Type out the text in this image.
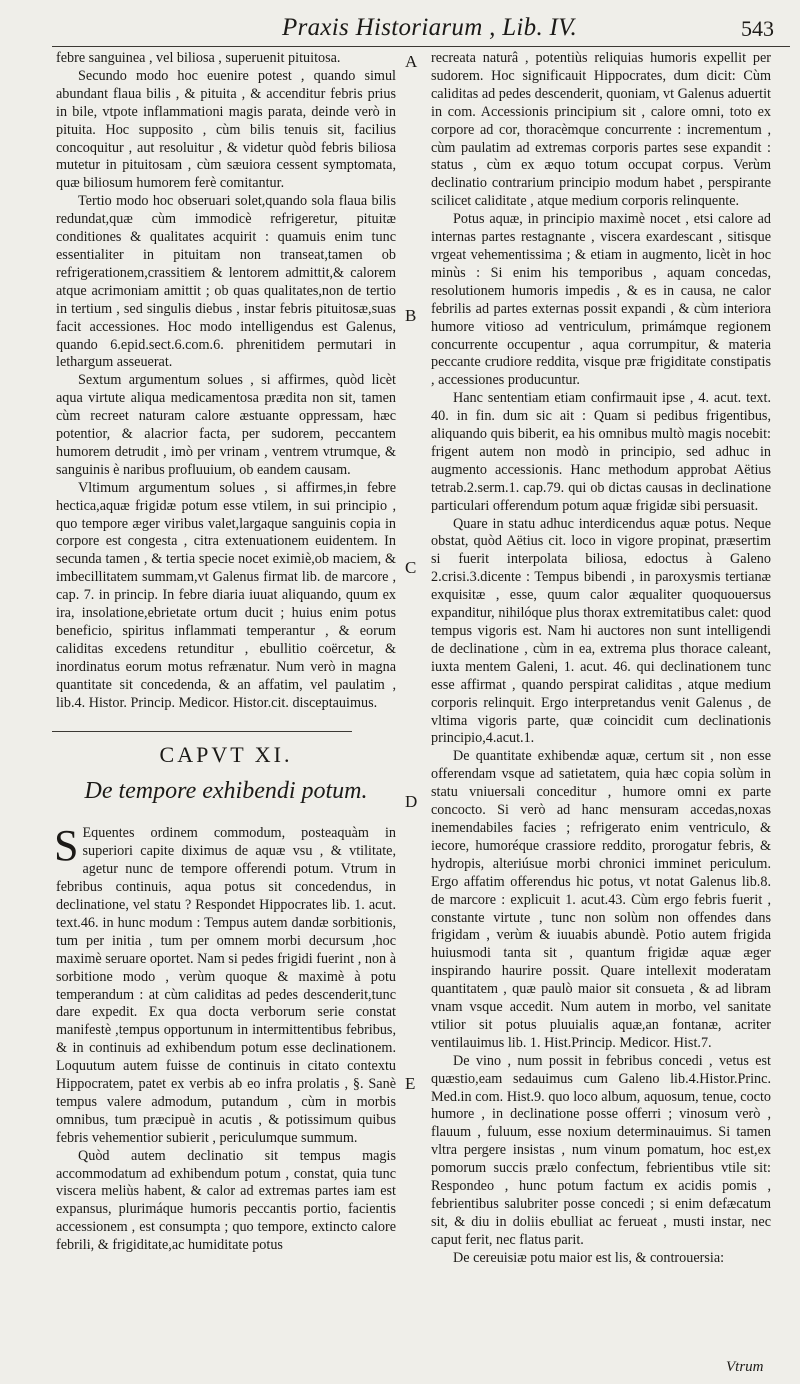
Praxis Historiarum , Lib. IV.	543

febre sanguinea , vel biliosa , superuenit pituitosa.

Secundo modo hoc euenire potest , quando simul abundant flaua bilis , & pituita , & accenditur febris prius in bile, vtpote inflammationi magis parata, deinde verò in pituita. Hoc supposito , cùm bilis tenuis sit, facilius concoquitur , aut resoluitur , & videtur quòd febris biliosa mutetur in pituitosam , cùm sæuiora cessent symptomata, quæ biliosum humorem ferè comitantur.

Tertio modo hoc obseruari solet,quando sola flaua bilis redundat,quæ cùm immodicè refrigeretur, pituitæ conditiones & qualitates acquirit : quamuis enim tunc essentialiter in pituitam non transeat,tamen ob refrigerationem,crassitiem & lentorem admittit,& calorem atque acrimoniam amittit ; ob quas qualitates,non de tertio in tertium , sed singulis diebus , instar febris pituitosæ,suas facit accessiones. Hoc modo intelligendus est Galenus, quando 6.epid.sect.6.com.6. phrenitidem permutari in lethargum asseuerat.

Sextum argumentum solues , si affirmes, quòd licèt aqua virtute aliqua medicamentosa prædita non sit, tamen cùm recreet naturam calore æstuante oppressam, hæc potentior, & alacrior facta, per sudorem, peccantem humorem detrudit , imò per vrinam , ventrem vtrumque, & sanguinis è naribus profluuium, ob eandem causam.

Vltimum argumentum solues , si affirmes,in febre hectica,aquæ frigidæ potum esse vtilem, in sui principio , quo tempore æger viribus valet,largaque sanguinis copia in corpore est congesta , citra extenuationem euidentem. In secunda tamen , & tertia specie nocet eximiè,ob maciem, & imbecillitatem summam,vt Galenus firmat lib. de marcore , cap. 7. in princip. In febre diaria iuuat aliquando, quum ex ira, insolatione,ebrietate ortum ducit ; huius enim potus beneficio, spiritus inflammati temperantur , & eorum caliditas excedens retunditur , ebullitio coërcetur, & inordinatus eorum motus refrænatur. Num verò in magna quantitate sit concedenda, & an affatim, vel paulatim , lib.4. Histor. Princip. Medicor. Histor.cit. disceptauimus.

CAPVT XI.
De tempore exhibendi potum.

S Equentes ordinem commodum, posteaquàm in superiori capite diximus de aquæ vsu , & vtilitate, agetur nunc de tempore offerendi potum. Vtrum in febribus continuis, aqua potus sit concedendus, in declinatione, vel statu ? Respondet Hippocrates lib. 1. acut. text.46. in hunc modum : Tempus autem dandæ sorbitionis, tum per initia , tum per omnem morbi decursum ,hoc maximè seruare oportet. Nam si pedes frigidi fuerint , non à sorbitione modo , verùm quoque & maximè à potu temperandum : at cùm caliditas ad pedes descenderit,tunc dare expedit. Ex qua docta verborum serie constat manifestè ,tempus opportunum in intermittentibus febribus, & in continuis ad exhibendum potum esse declinationem. Loquutum autem fuisse de continuis in citato contextu Hippocratem, patet ex verbis ab eo infra prolatis , §. Sanè tempus valere admodum, putandum , cùm in morbis omnibus, tum præcipuè in acutis , & potissimum quibus febris vehementior subierit , periculumque summum.

Quòd autem declinatio sit tempus magis accommodatum ad exhibendum potum , constat, quia tunc viscera meliùs habent, & calor ad extremas partes iam est expansus, plurimáque humoris peccantis portio, facientis accessionem , est consumpta ; quo tempore, extincto calore febrili, & frigiditate,ac humiditate potus

A
B
C
D
E

recreata naturâ , potentiùs reliquias humoris expellit per sudorem. Hoc significauit Hippocrates, dum dicit: Cùm caliditas ad pedes descenderit, quoniam, vt Galenus aduertit in com. Accessionis principium sit , calore omni, toto ex corpore ad cor, thoracèmque concurrente : incrementum , cùm paulatim ad extremas corporis partes sese expandit : status , cùm ex æquo totum occupat corpus. Verùm declinatio contrarium principio modum habet , perspirante scilicet caliditate , atque medium corporis relinquente.

Potus aquæ, in principio maximè nocet , etsi calore ad internas partes restagnante , viscera exardescant , sitisque vrgeat vehementissima ; & etiam in augmento, licèt in hoc minùs : Si enim his temporibus , aquam concedas, resolutionem humoris impedis , & es in causa, ne calor febrilis ad partes externas possit expandi , & cùm interiora humore vitioso ad ventriculum, primámque regionem concurrente occupentur , aqua corrumpitur, & materia peccante crudiore reddita, visque præ frigiditate constipatis , accessiones producuntur.

Hanc sententiam etiam confirmauit ipse , 4. acut. text. 40. in fin. dum sic ait : Quam si pedibus frigentibus, aliquando quis biberit, ea his omnibus multò magis nocebit: frigent autem non modò in principio, sed adhuc in augmento accessionis. Hanc methodum approbat Aëtius tetrab.2.serm.1. cap.79. qui ob dictas causas in declinatione particulari offerendum potum aquæ frigidæ sibi persuasit.

Quare in statu adhuc interdicendus aquæ potus. Neque obstat, quòd Aëtius cit. loco in vigore propinat, præsertim si fuerit interpolata biliosa, edoctus à Galeno 2.crisi.3.dicente : Tempus bibendi , in paroxysmis tertianæ exquisitæ , esse, quum calor æqualiter quoquouersus expanditur, nihilóque plus thorax extremitatibus calet: quod tempus vigoris est. Nam hi auctores non sunt intelligendi de declinatione , cùm in ea, extrema plus thorace caleant, iuxta mentem Galeni, 1. acut. 46. qui declinationem tunc esse affirmat , quando perspirat caliditas , atque medium corporis relinquit. Ergo interpretandus venit Galenus , de vltima vigoris parte, quæ coincidit cum declinationis principio,4.acut.1.

De quantitate exhibendæ aquæ, certum sit , non esse offerendam vsque ad satietatem, quia hæc copia solùm in statu vniuersali conceditur , humore omni ex parte concocto. Si verò ad hanc mensuram accedas,noxas inemendabiles facies ; refrigerato enim ventriculo, & iecore, humoréque crassiore reddito, prorogatur febris, & hydropis, alteriúsue morbi chronici imminet periculum. Ergo affatim offerendus hic potus, vt notat Galenus lib.8. de marcore : explicuit 1. acut.43. Cùm ergo febris fuerit , constante virtute , tunc non solùm non offendes dans frigidam , verùm & iuuabis abundè. Potio autem frigida huiusmodi tanta sit , quantum frigidæ aquæ æger inspirando haurire possit. Quare intellexit moderatam quantitatem , quæ paulò maior sit consueta , & ad libram vnam vsque accedit. Num autem in morbo, vel sanitate vtilior sit potus pluuialis aquæ,an fontanæ, acriter ventilauimus lib. 1. Hist.Princip. Medicor. Hist.7.

De vino , num possit in febribus concedi , vetus est quæstio,eam sedauimus cum Galeno lib.4.Histor.Princ. Med.in com. Hist.9. quo loco album, aquosum, tenue, cocto humore , in declinatione posse offerri ; vinosum verò , flauum , fuluum, esse noxium determinauimus. Si tamen vltra pergere insistas , num vinum pomatum, hoc est,ex pomorum succis prælo confectum, febrientibus vtile sit: Respondeo , hunc potum factum ex acidis pomis , febrientibus salubriter posse concedi ; si enim defæcatum sit, & diu in doliis ebulliat ac ferueat , musti instar, nec caput ferit, nec flatus parit.

De cereuisiæ potu maior est lis, & controuersia:

Vtrum
